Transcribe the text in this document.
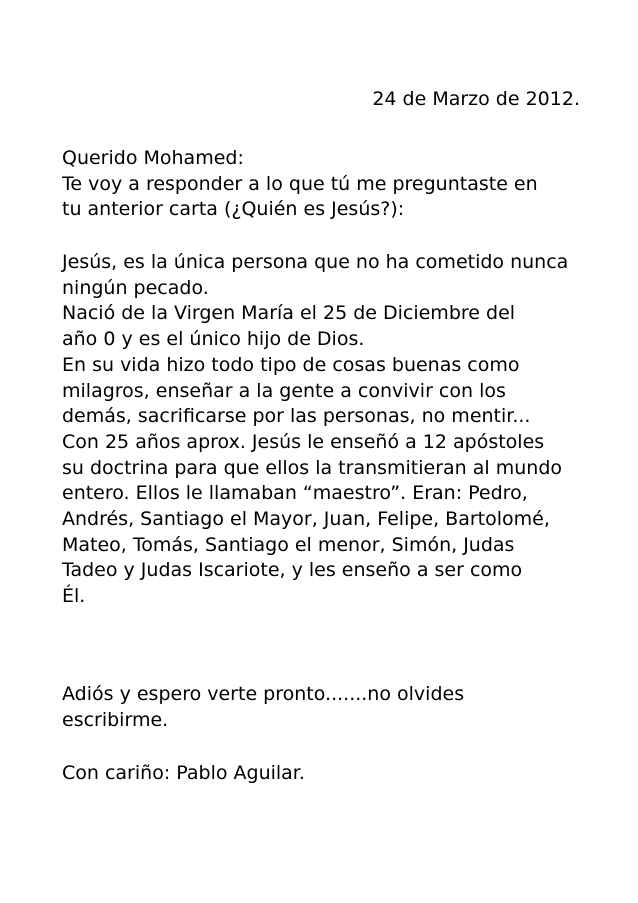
24 de Marzo de 2012.

Querido Mohamed:

Te voy a responder a lo que tú me preguntaste en

tu anterior carta (¿Quién es Jesús?):

Jesús, es la única persona que no ha cometido nunca

ningún pecado.

Nació de la Virgen María el 25 de Diciembre del

año 0 y es el único hijo de Dios.

En su vida hizo todo tipo de cosas buenas como

milagros, enseñar a la gente a convivir con los

demás, sacrificarse por las personas, no mentir...

Con 25 años aprox. Jesús le enseñó a 12 apóstoles

su doctrina para que ellos la transmitieran al mundo

entero. Ellos le llamaban “maestro”. Eran: Pedro,

Andrés, Santiago el Mayor, Juan, Felipe, Bartolomé,

Mateo, Tomás, Santiago el menor, Simón, Judas

Tadeo y Judas Iscariote, y les enseño a ser como

Él.

Adiós y espero verte pronto.......no olvides

escribirme.

Con cariño: Pablo Aguilar.
